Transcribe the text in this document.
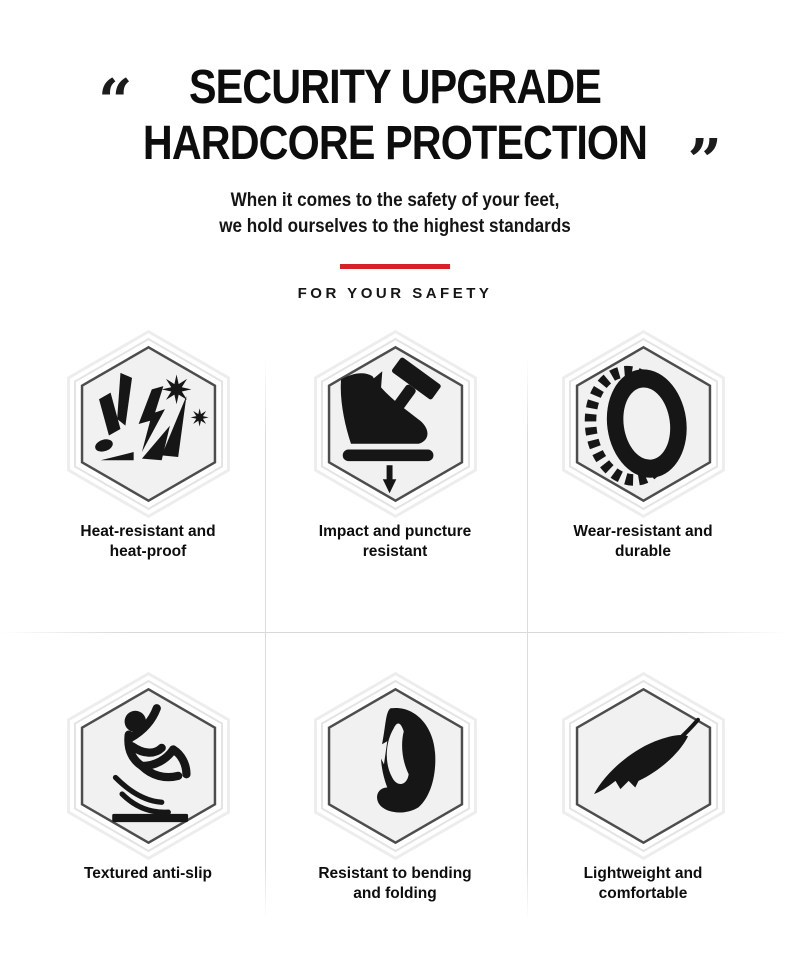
“	SECURITY UPGRADE
HARDCORE PROTECTION ”
When it comes to the safety of your feet,
we hold ourselves to the highest standards
FOR YOUR SAFETY
Heat-resistant and heat-proof
Impact and puncture resistant
Wear-resistant and durable
Textured anti-slip	Resistant to bending and folding
Lightweight and comfortable
